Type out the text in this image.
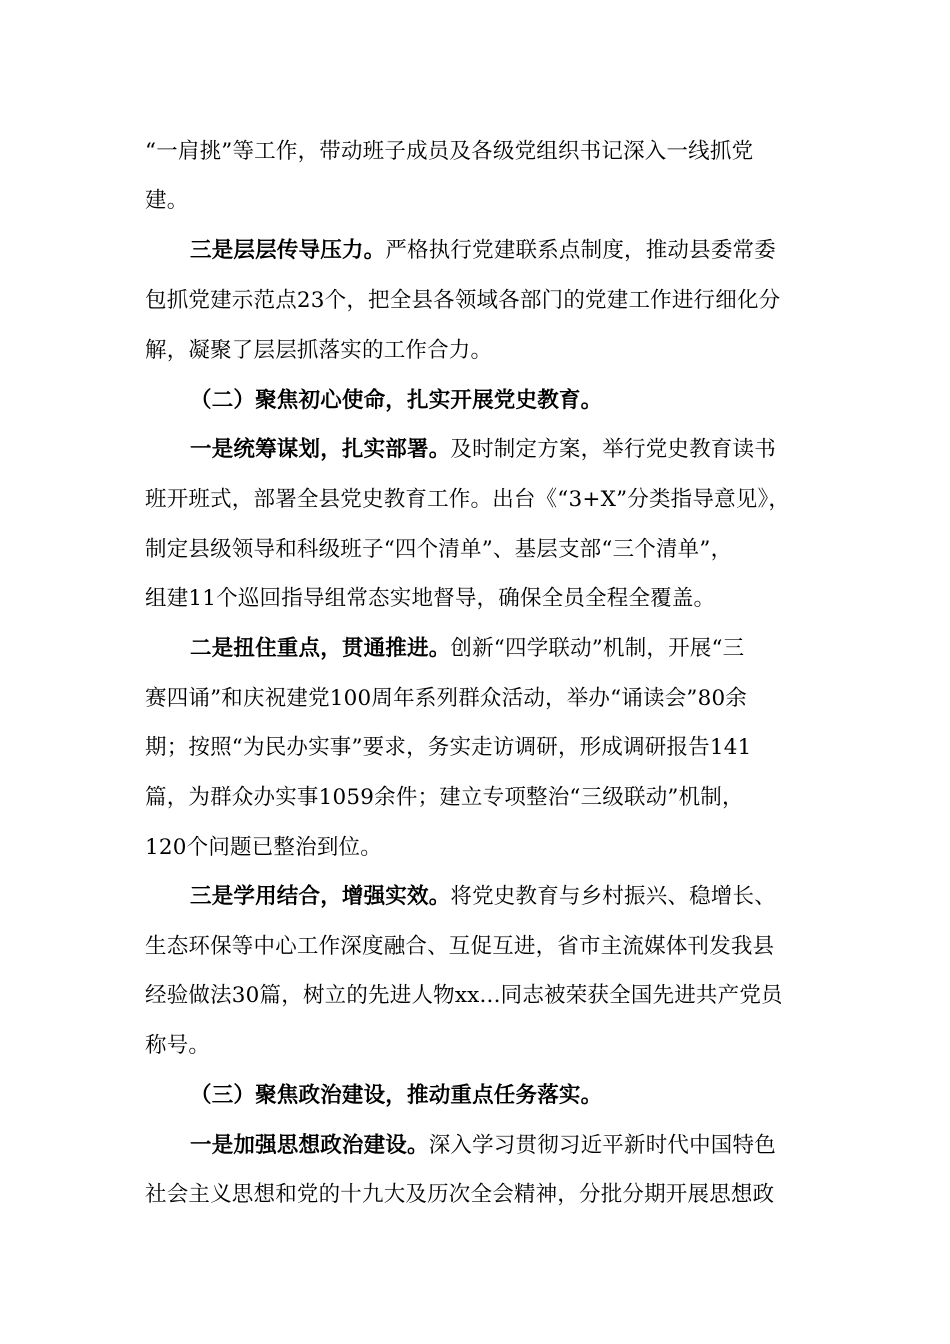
“一肩挑”等工作，带动班子成员及各级党组织书记深入一线抓党
建。
三是层层传导压力。严格执行党建联系点制度，推动县委常委
包抓党建示范点23个，把全县各领域各部门的党建工作进行细化分
解，凝聚了层层抓落实的工作合力。
（二）聚焦初心使命，扎实开展党史教育。
一是统筹谋划，扎实部署。及时制定方案，举行党史教育读书
班开班式，部署全县党史教育工作。出台《“3+X”分类指导意见》，
制定县级领导和科级班子“四个清单”、基层支部“三个清单”，
组建11个巡回指导组常态实地督导，确保全员全程全覆盖。
二是扭住重点，贯通推进。创新“四学联动”机制，开展“三
赛四诵”和庆祝建党100周年系列群众活动，举办“诵读会”80余
期；按照“为民办实事”要求，务实走访调研，形成调研报告141
篇，为群众办实事1059余件；建立专项整治“三级联动”机制，
120个问题已整治到位。
三是学用结合，增强实效。将党史教育与乡村振兴、稳增长、
生态环保等中心工作深度融合、互促互进，省市主流媒体刊发我县
经验做法30篇，树立的先进人物xx...同志被荣获全国先进共产党员
称号。
（三）聚焦政治建设，推动重点任务落实。
一是加强思想政治建设。深入学习贯彻习近平新时代中国特色
社会主义思想和党的十九大及历次全会精神，分批分期开展思想政
